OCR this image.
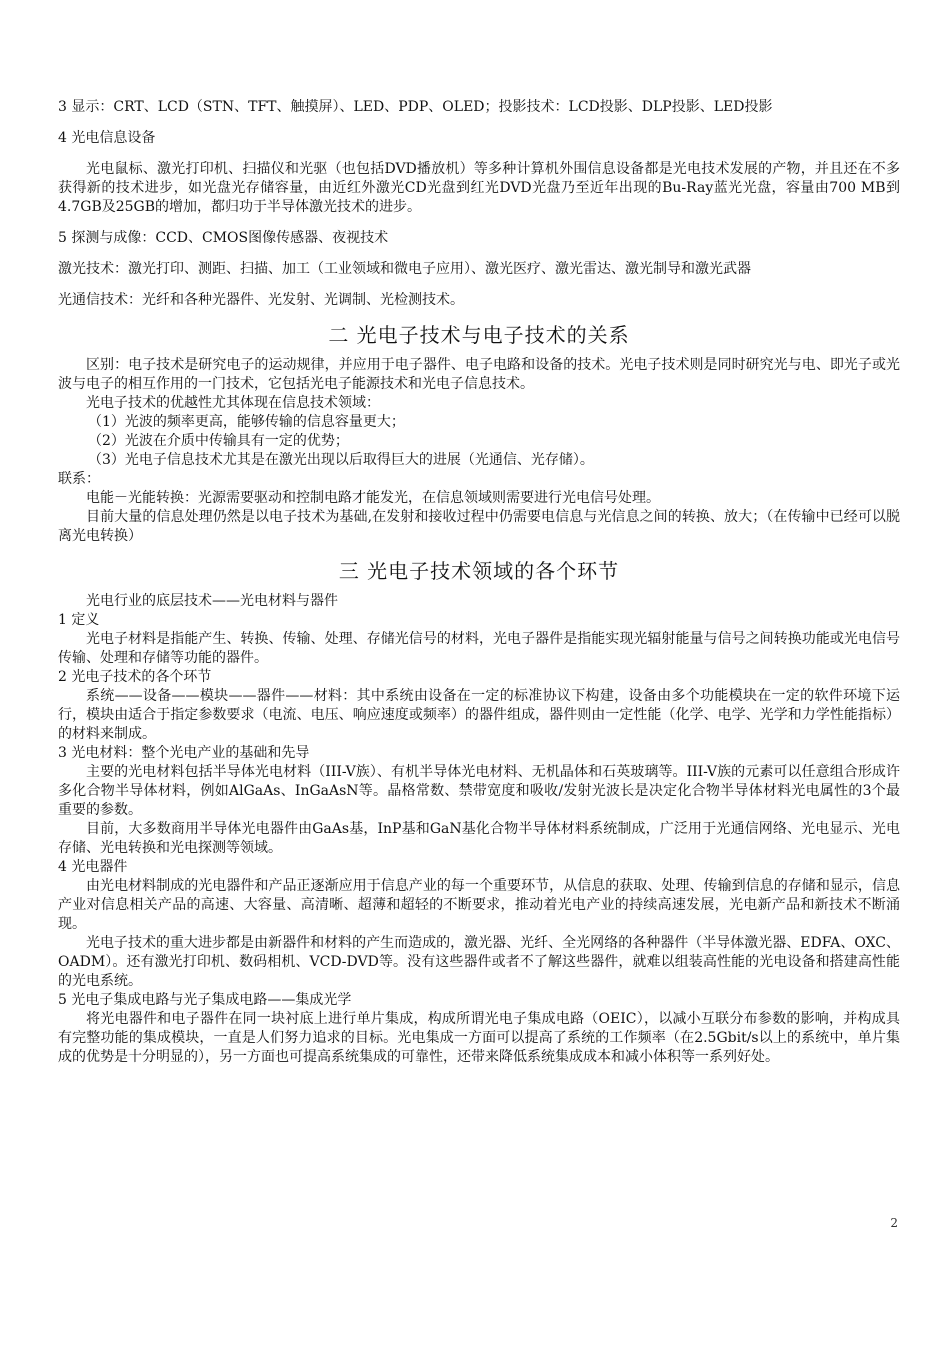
3 显示：CRT、LCD（STN、TFT、触摸屏）、LED、PDP、OLED；投影技术：LCD投影、DLP投影、LED投影

4 光电信息设备

光电鼠标、激光打印机、扫描仪和光驱（也包括DVD播放机）等多种计算机外围信息设备都是光电技术发展的产物，并且还在不多获得新的技术进步，如光盘光存储容量，由近红外激光CD光盘到红光DVD光盘乃至近年出现的Bu-Ray蓝光光盘，容量由700 MB到4.7GB及25GB的增加，都归功于半导体激光技术的进步。

5 探测与成像：CCD、CMOS图像传感器、夜视技术

激光技术：激光打印、测距、扫描、加工（工业领域和微电子应用）、激光医疗、激光雷达、激光制导和激光武器

光通信技术：光纤和各种光器件、光发射、光调制、光检测技术。

二 光电子技术与电子技术的关系

区别：电子技术是研究电子的运动规律，并应用于电子器件、电子电路和设备的技术。光电子技术则是同时研究光与电、即光子或光波与电子的相互作用的一门技术，它包括光电子能源技术和光电子信息技术。

光电子技术的优越性尤其体现在信息技术领域：

（1）光波的频率更高，能够传输的信息容量更大；

（2）光波在介质中传输具有一定的优势；

（3）光电子信息技术尤其是在激光出现以后取得巨大的进展（光通信、光存储）。

联系：

电能－光能转换：光源需要驱动和控制电路才能发光，在信息领域则需要进行光电信号处理。

目前大量的信息处理仍然是以电子技术为基础,在发射和接收过程中仍需要电信息与光信息之间的转换、放大；（在传输中已经可以脱离光电转换）

三 光电子技术领域的各个环节

光电行业的底层技术——光电材料与器件

1 定义

光电子材料是指能产生、转换、传输、处理、存储光信号的材料，光电子器件是指能实现光辐射能量与信号之间转换功能或光电信号传输、处理和存储等功能的器件。

2 光电子技术的各个环节

系统——设备——模块——器件——材料：其中系统由设备在一定的标准协议下构建，设备由多个功能模块在一定的软件环境下运行，模块由适合于指定参数要求（电流、电压、响应速度或频率）的器件组成，器件则由一定性能（化学、电学、光学和力学性能指标）的材料来制成。

3 光电材料：整个光电产业的基础和先导

主要的光电材料包括半导体光电材料（III-V族）、有机半导体光电材料、无机晶体和石英玻璃等。III-V族的元素可以任意组合形成许多化合物半导体材料，例如AlGaAs、InGaAsN等。晶格常数、禁带宽度和吸收/发射光波长是决定化合物半导体材料光电属性的3个最重要的参数。

目前，大多数商用半导体光电器件由GaAs基，InP基和GaN基化合物半导体材料系统制成，广泛用于光通信网络、光电显示、光电存储、光电转换和光电探测等领域。

4 光电器件

由光电材料制成的光电器件和产品正逐渐应用于信息产业的每一个重要环节，从信息的获取、处理、传输到信息的存储和显示，信息产业对信息相关产品的高速、大容量、高清晰、超薄和超轻的不断要求，推动着光电产业的持续高速发展，光电新产品和新技术不断涌现。

光电子技术的重大进步都是由新器件和材料的产生而造成的，激光器、光纤、全光网络的各种器件（半导体激光器、EDFA、OXC、OADM）。还有激光打印机、数码相机、VCD-DVD等。没有这些器件或者不了解这些器件，就难以组装高性能的光电设备和搭建高性能的光电系统。

5 光电子集成电路与光子集成电路——集成光学

将光电器件和电子器件在同一块衬底上进行单片集成，构成所谓光电子集成电路（OEIC），以减小互联分布参数的影响，并构成具有完整功能的集成模块，一直是人们努力追求的目标。光电集成一方面可以提高了系统的工作频率（在2.5Gbit/s以上的系统中，单片集成的优势是十分明显的），另一方面也可提高系统集成的可靠性，还带来降低系统集成成本和减小体积等一系列好处。

2
